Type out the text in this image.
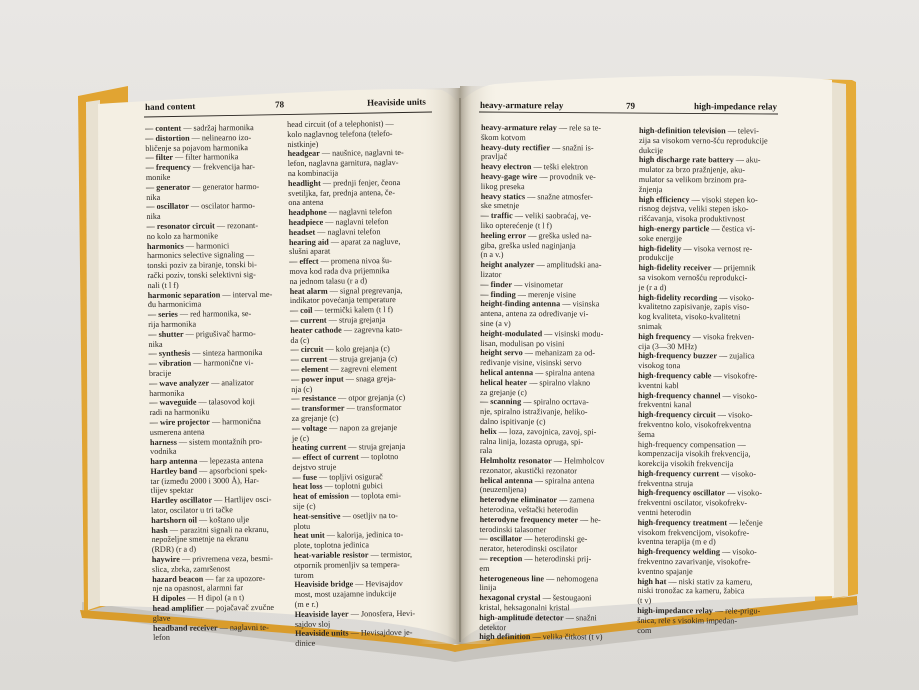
hand content	78	Heaviside units
— content — sadržaj harmonika
— distortion — nelinearno izo-
bličenje sa pojavom harmonika
— filter — filter harmonika
— frequency — frekvencija har-
monike
— generator — generator harmo-
nika
— oscillator — oscilator harmo-
nika
— resonator circuit — rezonant-
no kolo za harmonike
harmonics — harmonici
harmonics selective signaling —
tonski poziv za biranje, tonski bi-
rački poziv, tonski selektivni sig-
nali (t l f)
harmonic separation — interval me-
đu harmonicima
— series — red harmonika, se-
rija harmonika
— shutter — prigušivač harmo-
nika
— synthesis — sinteza harmonika
— vibration — harmonične vi-
bracije
— wave analyzer — analizator
harmonika
— waveguide — talasovod koji
radi na harmoniku
— wire projector — harmonična
usmerena antena
harness — sistem montažnih pro-
vodnika
harp antenna — lepezasta antena
Hartley band — apsorbcioni spek-
tar (između 2000 i 3000 Å), Har-
tlijev spektar
Hartley oscillator — Hartlijev osci-
lator, oscilator u tri tačke
hartshorn oil — koštano ulje
hash — parazitni signali na ekranu,
nepoželjne smetnje na ekranu
(RDR) (r a d)
haywire — privremena veza, besmi-
slica, zbrka, zamršenost
hazard beacon — far za upozore-
nje na opasnost, alarmni far
H dipoles — H dipol (a n t)
head amplifier — pojačavač zvučne
glave
headband receiver — naglavni te-
lefon
head circuit (of a telephonist) —
kolo naglavnog telefona (telefo-
nistkinje)
headgear — naušnice, naglavni te-
lefon, naglavna garnitura, naglav-
na kombinacija
headlight — prednji fenjer, čeona
svetiljka, far, prednja antena, če-
ona antena
headphone — naglavni telefon
headpiece — naglavni telefon
headset — naglavni telefon
hearing aid — aparat za nagluve,
slušni aparat
— effect — promena nivoa šu-
mova kod rada dva prijemnika
na jednom talasu (r a d)
heat alarm — signal pregrevanja,
indikator povećanja temperature
— coil — termički kalem (t l f)
— current — struja grejanja
heater cathode — zagrevna kato-
da (c)
— circuit — kolo grejanja (c)
— current — struja grejanja (c)
— element — zagrevni element
— power input — snaga greja-
nja (c)
— resistance — otpor grejanja (c)
— transformer — transformator
za grejanje (c)
— voltage — napon za grejanje
je (c)
heating current — struja grejanja
— effect of current — toplotno
dejstvo struje
— fuse — topljivi osigurač
heat loss — toplotni gubici
heat of emission — toplota emi-
sije (c)
heat-sensitive — osetljiv na to-
plotu
heat unit — kalorija, jedinica to-
plote, toplotna jedinica
heat-variable resistor — termistor,
otpornik promenljiv sa tempera-
turom
Heaviside bridge — Hevisajdov
most, most uzajamne indukcije
(m e r.)
Heaviside layer — Jonosfera, Hevi-
sajdov sloj
Heaviside units — Hevisajdove je-
dinice
heavy-armature relay	79	high-impedance relay
heavy-armature relay — rele sa te-
škom kotvom
heavy-duty rectifier — snažni is-
pravljač
heavy electron — teški elektron
heavy-gage wire — provodnik ve-
likog preseka
heavy statics — snažne atmosfer-
ske smetnje
— traffic — veliki saobraćaj, ve-
liko opterećenje (t l f)
heeling error — greška usled na-
giba, greška usled naginjanja
(n a v.)
height analyzer — amplitudski ana-
lizator
— finder — visinometar
— finding — merenje visine
height-finding antenna — visinska
antena, antena za određivanje vi-
sine (a v)
height-modulated — visinski modu-
lisan, modulisan po visini
height servo — mehanizam za od-
ređivanje visine, visinski servo
helical antenna — spiralna antena
helical heater — spiralno vlakno
za grejanje (c)
— scanning — spiralno ocrtava-
nje, spiralno istraživanje, heliko-
dalno ispitivanje (c)
helix — loza, zavojnica, zavoj, spi-
ralna linija, lozasta opruga, spi-
rala
Helmholtz resonator — Helmholcov
rezonator, akustički rezonator
helical antenna — spiralna antena
(neuzemljena)
heterodyne eliminator — zamena
heterodina, veštački heterodin
heterodyne frequency meter — he-
terodinski talasomer
— oscillator — heterodinski ge-
nerator, heterodinski oscilator
— reception — heterodinski prij-
em
heterogeneous line — nehomogena
linija
hexagonal crystal — šestougaoni
kristal, heksagonalni kristal
high-amplitude detector — snažni
detektor
high definition — velika čitkost (t v)
high-definition television — televi-
zija sa visokom verno-šću reprodukcije
dukcije
high discharge rate battery — aku-
mulator za brzo pražnjenje, aku-
mulator sa velikom brzinom pra-
žnjenja
high efficiency — visoki stepen ko-
risnog dejstva, veliki stepen isko-
rišćavanja, visoka produktivnost
high-energy particle — čestica vi-
soke energije
high-fidelity — visoka vernost re-
produkcije
high-fidelity receiver — prijemnik
sa visokom vernošću reprodukci-
je (r a d)
high-fidelity recording — visoko-
kvalitetno zapisivanje, zapis viso-
kog kvaliteta, visoko-kvalitetni
snimak
high frequency — visoka frekven-
cija (3—30 MHz)
high-frequency buzzer — zujalica
visokog tona
high-frequency cable — visokofre-
kventni kabl
high-frequency channel — visoko-
frekventni kanal
high-frequency circuit — visoko-
frekventno kolo, visokofrekventna
šema
high-frequency compensation —
kompenzacija visokih frekvencija,
korekcija visokih frekvencija
high-frequency current — visoko-
frekventna struja
high-frequency oscillator — visoko-
frekventni oscilator, visokofrekv-
ventni heterodin
high-frequency treatment — lečenje
visokom frekvencijom, visokofre-
kventna terapija (m e d)
high-frequency welding — visoko-
frekventno zavarivanje, visokofre-
kventno spajanje
high hat — niski stativ za kameru,
niski tronožac za kameru, žabica
(t v)
high-impedance relay — rele-prigu-
šnica, rele s visokim impedan-
com
